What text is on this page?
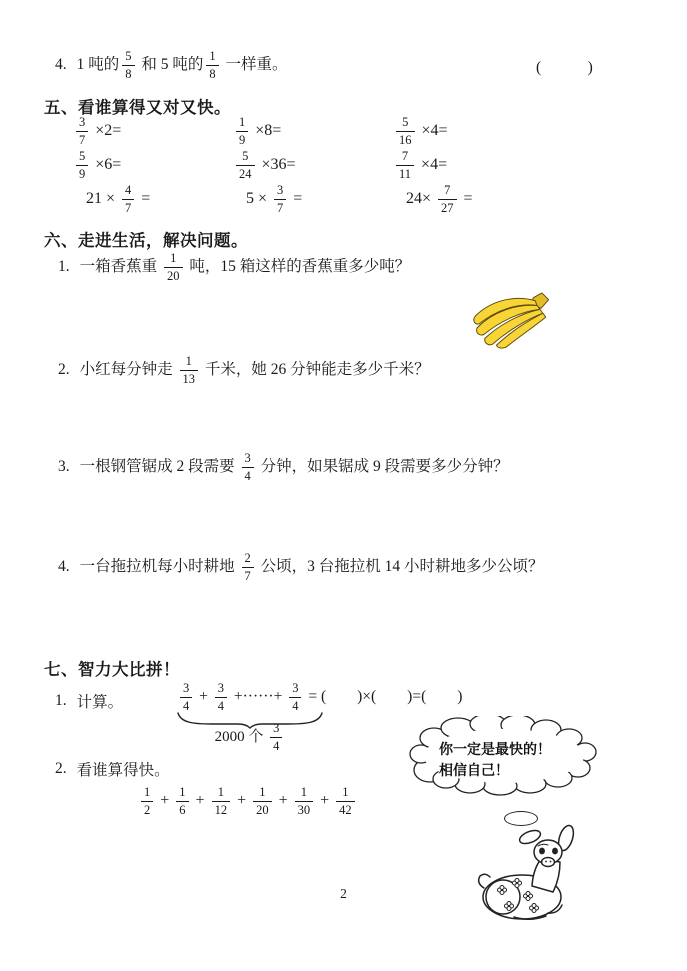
4. 1 吨的 $\frac{5}{8}$ 和 5 吨的 $\frac{1}{8}$ 一样重。	(　　　)
五、看谁算得又对又快。
$\frac{3}{7} \times 2=$	$\frac{1}{9} \times 8=$	$\frac{5}{16} \times 4=$
$\frac{5}{9} \times 6=$	$\frac{5}{24} \times 36=$	$\frac{7}{11} \times 4=$
$21 \times \frac{4}{7}$ =	$5 \times \frac{3}{7}$ =	$24\times \frac{7}{27}$ =
六、走进生活，解决问题。
1. 一箱香蕉重 $\frac{1}{20}$ 吨，15 箱这样的香蕉重多少吨？
2. 小红每分钟走 $\frac{1}{13}$ 千米，她 26 分钟能走多少千米？
3. 一根钢管锯成 2 段需要 $\frac{3}{4}$ 分钟，如果锯成 9 段需要多少分钟？
4. 一台拖拉机每小时耕地 $\frac{2}{7}$ 公顷，3 台拖拉机 14 小时耕地多少公顷？
七、智力大比拼！
1. 计算。	$\frac{3}{4} + \frac{3}{4}$ +······+ $\frac{3}{4}$ = (　　)×(　　)=(　　)
2000 个 $\frac{3}{4}$
2. 看谁算得快。
$\frac{1}{2} + \frac{1}{6} + \frac{1}{12} + \frac{1}{20} + \frac{1}{30} + \frac{1}{42}$
你一定是最快的！
相信自己！
2
